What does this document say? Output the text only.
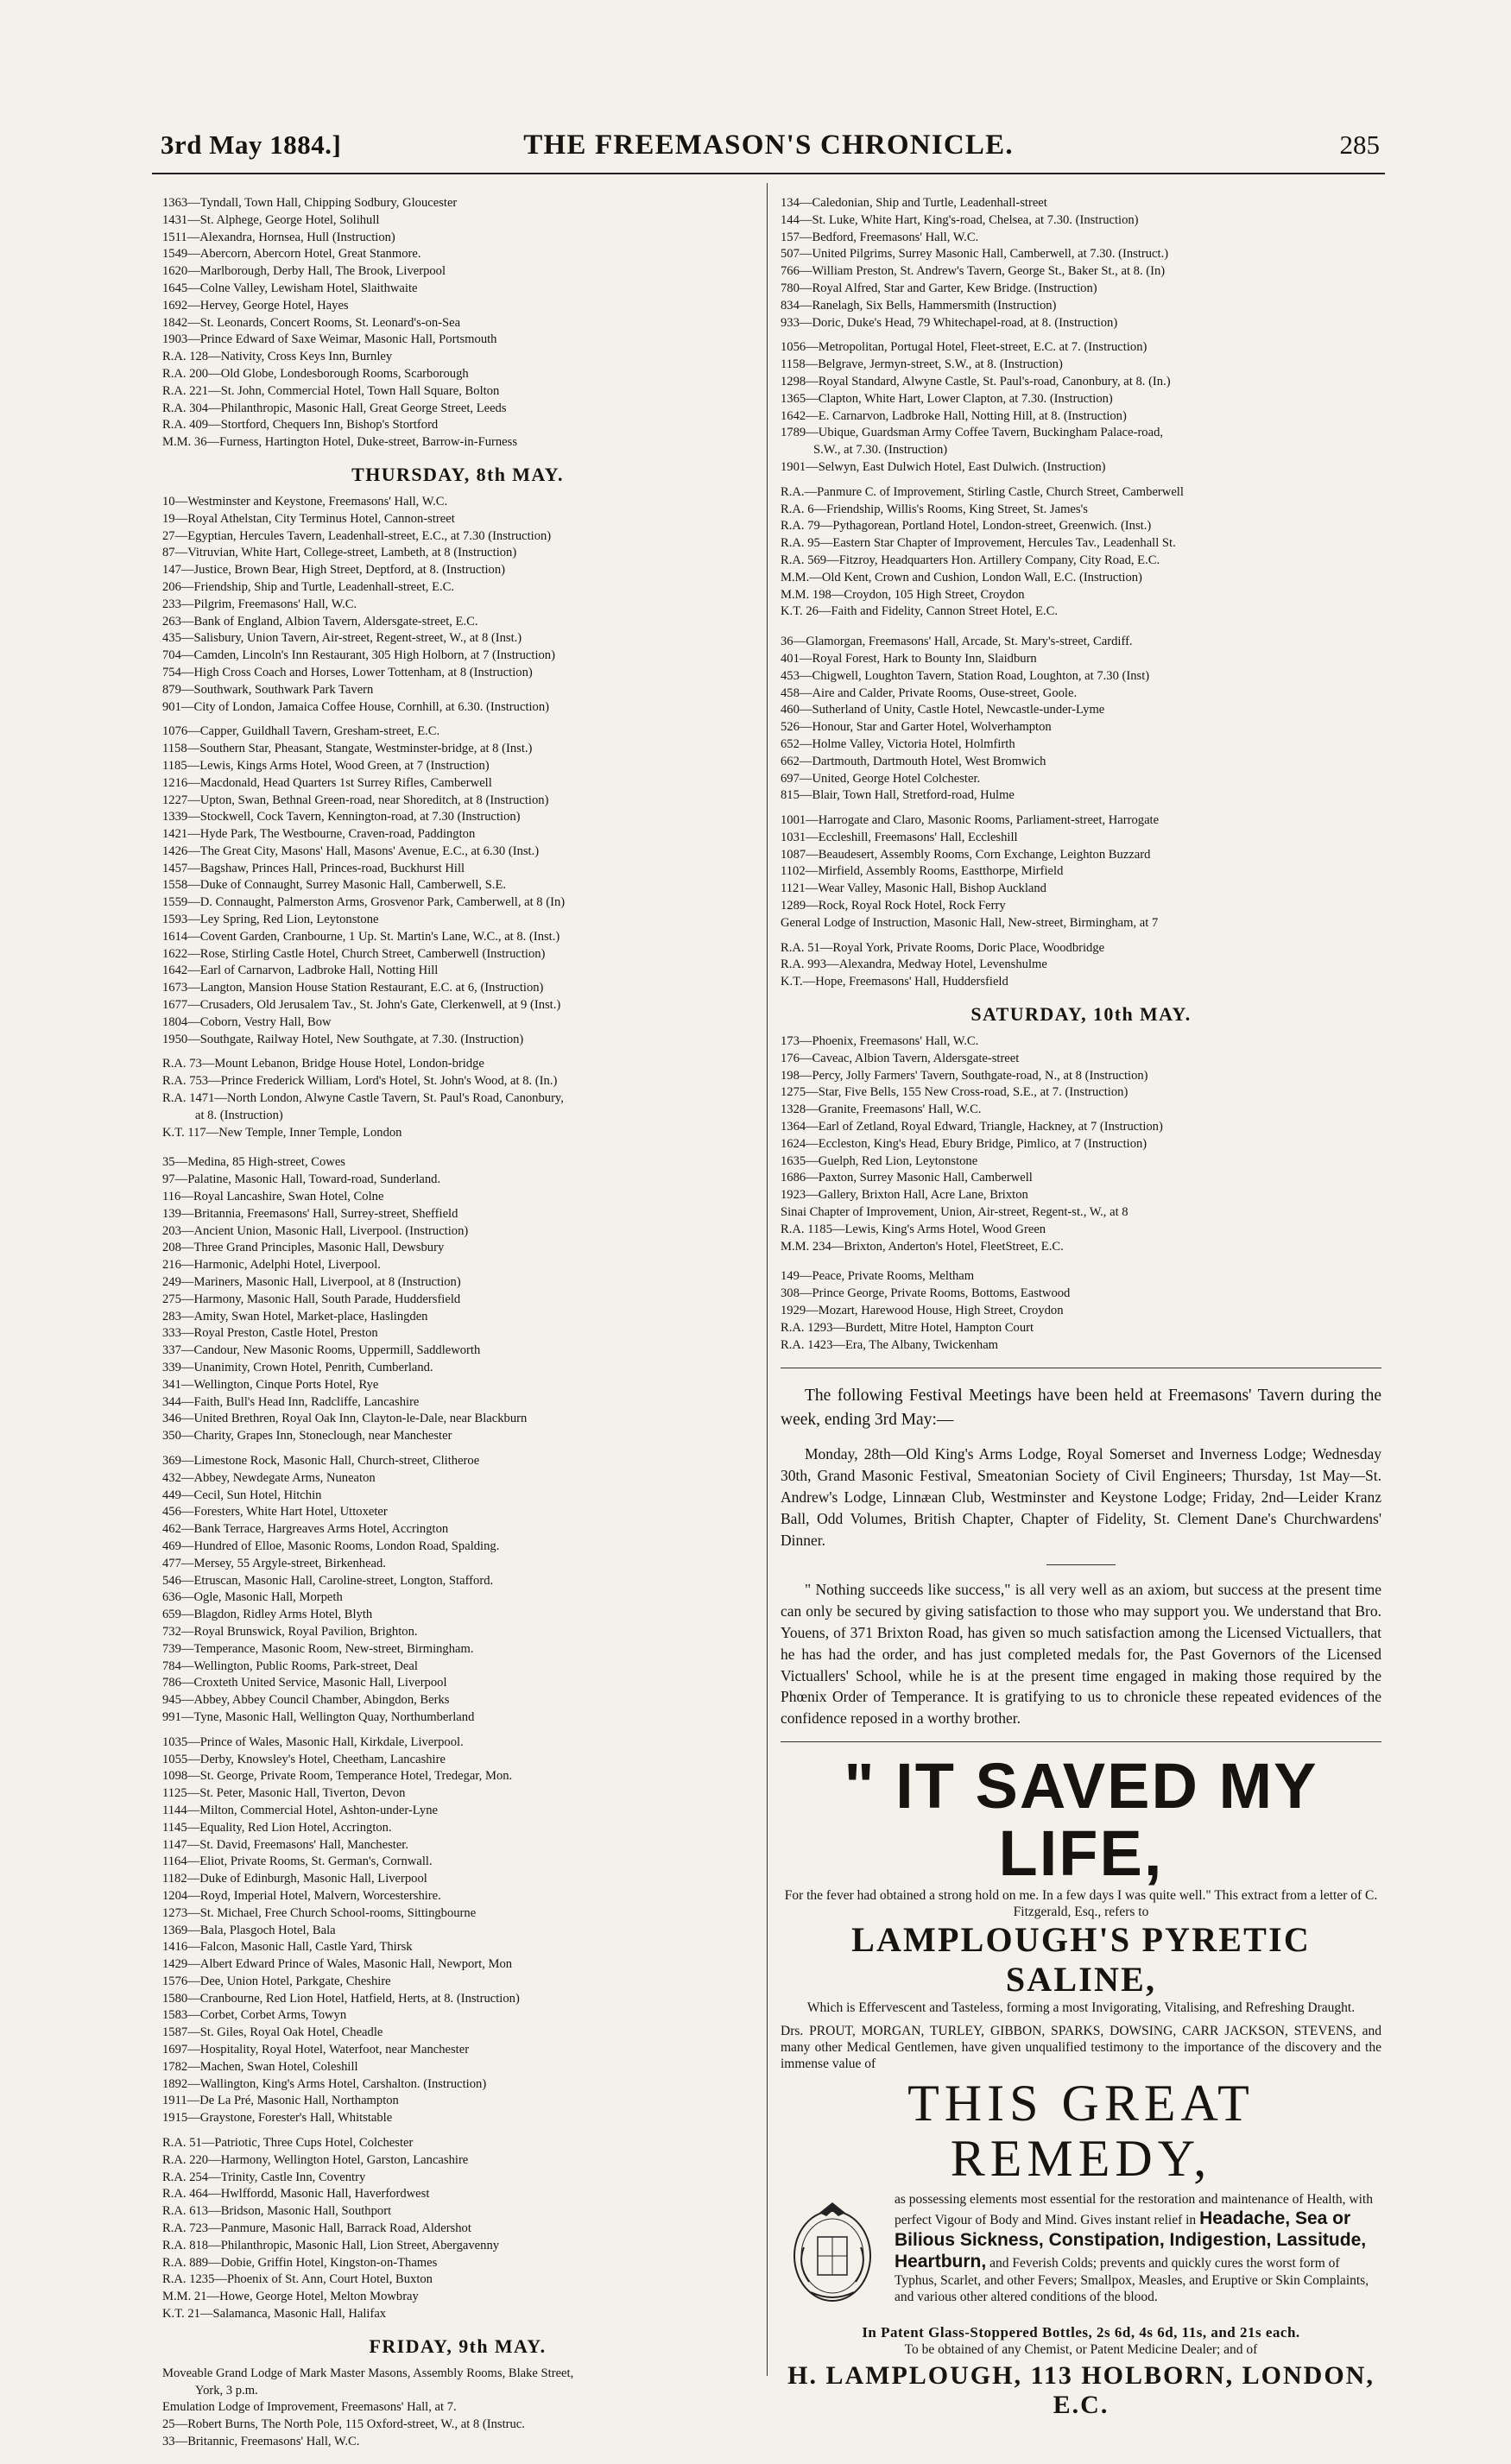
3rd May 1884.]	THE FREEMASON'S CHRONICLE.	285
1363—Tyndall, Town Hall, Chipping Sodbury, Gloucester
1431—St. Alphege, George Hotel, Solihull
1511—Alexandra, Hornsea, Hull (Instruction)
1549—Abercorn, Abercorn Hotel, Great Stanmore.
1620—Marlborough, Derby Hall, The Brook, Liverpool
1645—Colne Valley, Lewisham Hotel, Slaithwaite
1692—Hervey, George Hotel, Hayes
1842—St. Leonards, Concert Rooms, St. Leonard's-on-Sea
1903—Prince Edward of Saxe Weimar, Masonic Hall, Portsmouth
R.A. 128—Nativity, Cross Keys Inn, Burnley
R.A. 200—Old Globe, Londesborough Rooms, Scarborough
R.A. 221—St. John, Commercial Hotel, Town Hall Square, Bolton
R.A. 304—Philanthropic, Masonic Hall, Great George Street, Leeds
R.A. 409—Stortford, Chequers Inn, Bishop's Stortford
M.M. 36—Furness, Hartington Hotel, Duke-street, Barrow-in-Furness
THURSDAY, 8th MAY.
10—Westminster and Keystone, Freemasons' Hall, W.C.
19—Royal Athelstan, City Terminus Hotel, Cannon-street
27—Egyptian, Hercules Tavern, Leadenhall-street, E.C., at 7.30 (Instruction)
87—Vitruvian, White Hart, College-street, Lambeth, at 8 (Instruction)
147—Justice, Brown Bear, High Street, Deptford, at 8. (Instruction)
206—Friendship, Ship and Turtle, Leadenhall-street, E.C.
233—Pilgrim, Freemasons' Hall, W.C.
263—Bank of England, Albion Tavern, Aldersgate-street, E.C.
435—Salisbury, Union Tavern, Air-street, Regent-street, W., at 8 (Inst.)
704—Camden, Lincoln's Inn Restaurant, 305 High Holborn, at 7 (Instruction)
754—High Cross Coach and Horses, Lower Tottenham, at 8 (Instruction)
879—Southwark, Southwark Park Tavern
901—City of London, Jamaica Coffee House, Cornhill, at 6.30. (Instruction)
1076—Capper, Guildhall Tavern, Gresham-street, E.C.
1158—Southern Star, Pheasant, Stangate, Westminster-bridge, at 8 (Inst.)
1185—Lewis, Kings Arms Hotel, Wood Green, at 7 (Instruction)
1216—Macdonald, Head Quarters 1st Surrey Rifles, Camberwell
1227—Upton, Swan, Bethnal Green-road, near Shoreditch, at 8 (Instruction)
1339—Stockwell, Cock Tavern, Kennington-road, at 7.30 (Instruction)
1421—Hyde Park, The Westbourne, Craven-road, Paddington
1426—The Great City, Masons' Hall, Masons' Avenue, E.C., at 6.30 (Inst.)
1457—Bagshaw, Princes Hall, Princes-road, Buckhurst Hill
1558—Duke of Connaught, Surrey Masonic Hall, Camberwell, S.E.
1559—D. Connaught, Palmerston Arms, Grosvenor Park, Camberwell, at 8 (In)
1593—Ley Spring, Red Lion, Leytonstone
1614—Covent Garden, Cranbourne, 1 Up. St. Martin's Lane, W.C., at 8. (Inst.)
1622—Rose, Stirling Castle Hotel, Church Street, Camberwell (Instruction)
1642—Earl of Carnarvon, Ladbroke Hall, Notting Hill
1673—Langton, Mansion House Station Restaurant, E.C. at 6, (Instruction)
1677—Crusaders, Old Jerusalem Tav., St. John's Gate, Clerkenwell, at 9 (Inst.)
1804—Coborn, Vestry Hall, Bow
1950—Southgate, Railway Hotel, New Southgate, at 7.30. (Instruction)
R.A. 73—Mount Lebanon, Bridge House Hotel, London-bridge
R.A. 753—Prince Frederick William, Lord's Hotel, St. John's Wood, at 8. (In.)
R.A. 1471—North London, Alwyne Castle Tavern, St. Paul's Road, Canonbury,
at 8. (Instruction)
K.T. 117—New Temple, Inner Temple, London
35—Medina, 85 High-street, Cowes
97—Palatine, Masonic Hall, Toward-road, Sunderland.
116—Royal Lancashire, Swan Hotel, Colne
139—Britannia, Freemasons' Hall, Surrey-street, Sheffield
203—Ancient Union, Masonic Hall, Liverpool. (Instruction)
208—Three Grand Principles, Masonic Hall, Dewsbury
216—Harmonic, Adelphi Hotel, Liverpool.
249—Mariners, Masonic Hall, Liverpool, at 8 (Instruction)
275—Harmony, Masonic Hall, South Parade, Huddersfield
283—Amity, Swan Hotel, Market-place, Haslingden
333—Royal Preston, Castle Hotel, Preston
337—Candour, New Masonic Rooms, Uppermill, Saddleworth
339—Unanimity, Crown Hotel, Penrith, Cumberland.
341—Wellington, Cinque Ports Hotel, Rye
344—Faith, Bull's Head Inn, Radcliffe, Lancashire
346—United Brethren, Royal Oak Inn, Clayton-le-Dale, near Blackburn
350—Charity, Grapes Inn, Stoneclough, near Manchester
369—Limestone Rock, Masonic Hall, Church-street, Clitheroe
432—Abbey, Newdegate Arms, Nuneaton
449—Cecil, Sun Hotel, Hitchin
456—Foresters, White Hart Hotel, Uttoxeter
462—Bank Terrace, Hargreaves Arms Hotel, Accrington
469—Hundred of Elloe, Masonic Rooms, London Road, Spalding.
477—Mersey, 55 Argyle-street, Birkenhead.
546—Etruscan, Masonic Hall, Caroline-street, Longton, Stafford.
636—Ogle, Masonic Hall, Morpeth
659—Blagdon, Ridley Arms Hotel, Blyth
732—Royal Brunswick, Royal Pavilion, Brighton.
739—Temperance, Masonic Room, New-street, Birmingham.
784—Wellington, Public Rooms, Park-street, Deal
786—Croxteth United Service, Masonic Hall, Liverpool
945—Abbey, Abbey Council Chamber, Abingdon, Berks
991—Tyne, Masonic Hall, Wellington Quay, Northumberland
1035—Prince of Wales, Masonic Hall, Kirkdale, Liverpool.
1055—Derby, Knowsley's Hotel, Cheetham, Lancashire
1098—St. George, Private Room, Temperance Hotel, Tredegar, Mon.
1125—St. Peter, Masonic Hall, Tiverton, Devon
1144—Milton, Commercial Hotel, Ashton-under-Lyne
1145—Equality, Red Lion Hotel, Accrington.
1147—St. David, Freemasons' Hall, Manchester.
1164—Eliot, Private Rooms, St. German's, Cornwall.
1182—Duke of Edinburgh, Masonic Hall, Liverpool
1204—Royd, Imperial Hotel, Malvern, Worcestershire.
1273—St. Michael, Free Church School-rooms, Sittingbourne
1369—Bala, Plasgoch Hotel, Bala
1416—Falcon, Masonic Hall, Castle Yard, Thirsk
1429—Albert Edward Prince of Wales, Masonic Hall, Newport, Mon
1576—Dee, Union Hotel, Parkgate, Cheshire
1580—Cranbourne, Red Lion Hotel, Hatfield, Herts, at 8. (Instruction)
1583—Corbet, Corbet Arms, Towyn
1587—St. Giles, Royal Oak Hotel, Cheadle
1697—Hospitality, Royal Hotel, Waterfoot, near Manchester
1782—Machen, Swan Hotel, Coleshill
1892—Wallington, King's Arms Hotel, Carshalton. (Instruction)
1911—De La Pré, Masonic Hall, Northampton
1915—Graystone, Forester's Hall, Whitstable
R.A. 51—Patriotic, Three Cups Hotel, Colchester
R.A. 220—Harmony, Wellington Hotel, Garston, Lancashire
R.A. 254—Trinity, Castle Inn, Coventry
R.A. 464—Hwlffordd, Masonic Hall, Haverfordwest
R.A. 613—Bridson, Masonic Hall, Southport
R.A. 723—Panmure, Masonic Hall, Barrack Road, Aldershot
R.A. 818—Philanthropic, Masonic Hall, Lion Street, Abergavenny
R.A. 889—Dobie, Griffin Hotel, Kingston-on-Thames
R.A. 1235—Phoenix of St. Ann, Court Hotel, Buxton
M.M. 21—Howe, George Hotel, Melton Mowbray
K.T. 21—Salamanca, Masonic Hall, Halifax
FRIDAY, 9th MAY.
Moveable Grand Lodge of Mark Master Masons, Assembly Rooms, Blake Street,
York, 3 p.m.
Emulation Lodge of Improvement, Freemasons' Hall, at 7.
25—Robert Burns, The North Pole, 115 Oxford-street, W., at 8 (Instruc.
33—Britannic, Freemasons' Hall, W.C.
134—Caledonian, Ship and Turtle, Leadenhall-street
144—St. Luke, White Hart, King's-road, Chelsea, at 7.30. (Instruction)
157—Bedford, Freemasons' Hall, W.C.
507—United Pilgrims, Surrey Masonic Hall, Camberwell, at 7.30. (Instruct.)
766—William Preston, St. Andrew's Tavern, George St., Baker St., at 8. (In)
780—Royal Alfred, Star and Garter, Kew Bridge. (Instruction)
834—Ranelagh, Six Bells, Hammersmith (Instruction)
933—Doric, Duke's Head, 79 Whitechapel-road, at 8. (Instruction)
1056—Metropolitan, Portugal Hotel, Fleet-street, E.C. at 7. (Instruction)
1158—Belgrave, Jermyn-street, S.W., at 8. (Instruction)
1298—Royal Standard, Alwyne Castle, St. Paul's-road, Canonbury, at 8. (In.)
1365—Clapton, White Hart, Lower Clapton, at 7.30. (Instruction)
1642—E. Carnarvon, Ladbroke Hall, Notting Hill, at 8. (Instruction)
1789—Ubique, Guardsman Army Coffee Tavern, Buckingham Palace-road,
S.W., at 7.30. (Instruction)
1901—Selwyn, East Dulwich Hotel, East Dulwich. (Instruction)
R.A.—Panmure C. of Improvement, Stirling Castle, Church Street, Camberwell
R.A. 6—Friendship, Willis's Rooms, King Street, St. James's
R.A. 79—Pythagorean, Portland Hotel, London-street, Greenwich. (Inst.)
R.A. 95—Eastern Star Chapter of Improvement, Hercules Tav., Leadenhall St.
R.A. 569—Fitzroy, Headquarters Hon. Artillery Company, City Road, E.C.
M.M.—Old Kent, Crown and Cushion, London Wall, E.C. (Instruction)
M.M. 198—Croydon, 105 High Street, Croydon
K.T. 26—Faith and Fidelity, Cannon Street Hotel, E.C.
36—Glamorgan, Freemasons' Hall, Arcade, St. Mary's-street, Cardiff.
401—Royal Forest, Hark to Bounty Inn, Slaidburn
453—Chigwell, Loughton Tavern, Station Road, Loughton, at 7.30 (Inst)
458—Aire and Calder, Private Rooms, Ouse-street, Goole.
460—Sutherland of Unity, Castle Hotel, Newcastle-under-Lyme
526—Honour, Star and Garter Hotel, Wolverhampton
652—Holme Valley, Victoria Hotel, Holmfirth
662—Dartmouth, Dartmouth Hotel, West Bromwich
697—United, George Hotel Colchester.
815—Blair, Town Hall, Stretford-road, Hulme
1001—Harrogate and Claro, Masonic Rooms, Parliament-street, Harrogate
1031—Eccleshill, Freemasons' Hall, Eccleshill
1087—Beaudesert, Assembly Rooms, Corn Exchange, Leighton Buzzard
1102—Mirfield, Assembly Rooms, Eastthorpe, Mirfield
1121—Wear Valley, Masonic Hall, Bishop Auckland
1289—Rock, Royal Rock Hotel, Rock Ferry
General Lodge of Instruction, Masonic Hall, New-street, Birmingham, at 7
R.A. 51—Royal York, Private Rooms, Doric Place, Woodbridge
R.A. 993—Alexandra, Medway Hotel, Levenshulme
K.T.—Hope, Freemasons' Hall, Huddersfield
SATURDAY, 10th MAY.
173—Phoenix, Freemasons' Hall, W.C.
176—Caveac, Albion Tavern, Aldersgate-street
198—Percy, Jolly Farmers' Tavern, Southgate-road, N., at 8 (Instruction)
1275—Star, Five Bells, 155 New Cross-road, S.E., at 7. (Instruction)
1328—Granite, Freemasons' Hall, W.C.
1364—Earl of Zetland, Royal Edward, Triangle, Hackney, at 7 (Instruction)
1624—Eccleston, King's Head, Ebury Bridge, Pimlico, at 7 (Instruction)
1635—Guelph, Red Lion, Leytonstone
1686—Paxton, Surrey Masonic Hall, Camberwell
1923—Gallery, Brixton Hall, Acre Lane, Brixton
Sinai Chapter of Improvement, Union, Air-street, Regent-st., W., at 8
R.A. 1185—Lewis, King's Arms Hotel, Wood Green
M.M. 234—Brixton, Anderton's Hotel, FleetStreet, E.C.
149—Peace, Private Rooms, Meltham
308—Prince George, Private Rooms, Bottoms, Eastwood
1929—Mozart, Harewood House, High Street, Croydon
R.A. 1293—Burdett, Mitre Hotel, Hampton Court
R.A. 1423—Era, The Albany, Twickenham

The following Festival Meetings have been held at Freemasons' Tavern during the week, ending 3rd May:—

Monday, 28th—Old King's Arms Lodge, Royal Somerset and Inverness Lodge; Wednesday 30th, Grand Masonic Festival, Smeatonian Society of Civil Engineers; Thursday, 1st May—St. Andrew's Lodge, Linnæan Club, Westminster and Keystone Lodge; Friday, 2nd—Leider Kranz Ball, Odd Volumes, British Chapter, Chapter of Fidelity, St. Clement Dane's Churchwardens' Dinner.

" Nothing succeeds like success," is all very well as an axiom, but success at the present time can only be secured by giving satisfaction to those who may support you. We understand that Bro. Youens, of 371 Brixton Road, has given so much satisfaction among the Licensed Victuallers, that he has had the order, and has just completed medals for, the Past Governors of the Licensed Victuallers' School, while he is at the present time engaged in making those required by the Phœnix Order of Temperance. It is gratifying to us to chronicle these repeated evidences of the confidence reposed in a worthy brother.

" IT SAVED MY LIFE,
For the fever had obtained a strong hold on me. In a few days I was quite well." This extract from a letter of C. Fitzgerald, Esq., refers to
LAMPLOUGH'S PYRETIC SALINE,
Which is Effervescent and Tasteless, forming a most Invigorating, Vitalising, and Refreshing Draught.
Drs. PROUT, MORGAN, TURLEY, GIBBON, SPARKS, DOWSING, CARR JACKSON, STEVENS, and many other Medical Gentlemen, have given unqualified testimony to the importance of the discovery and the immense value of
THIS GREAT REMEDY,
as possessing elements most essential for the restoration and maintenance of Health, with perfect Vigour of Body and Mind. Gives instant relief in Headache, Sea or Bilious Sickness, Constipation, Indigestion, Lassitude, Heartburn, and Feverish Colds; prevents and quickly cures the worst form of Typhus, Scarlet, and other Fevers; Smallpox, Measles, and Eruptive or Skin Complaints, and various other altered conditions of the blood.
In Patent Glass-Stoppered Bottles, 2s 6d, 4s 6d, 11s, and 21s each.
To be obtained of any Chemist, or Patent Medicine Dealer; and of
H. LAMPLOUGH, 113 HOLBORN, LONDON, E.C.
